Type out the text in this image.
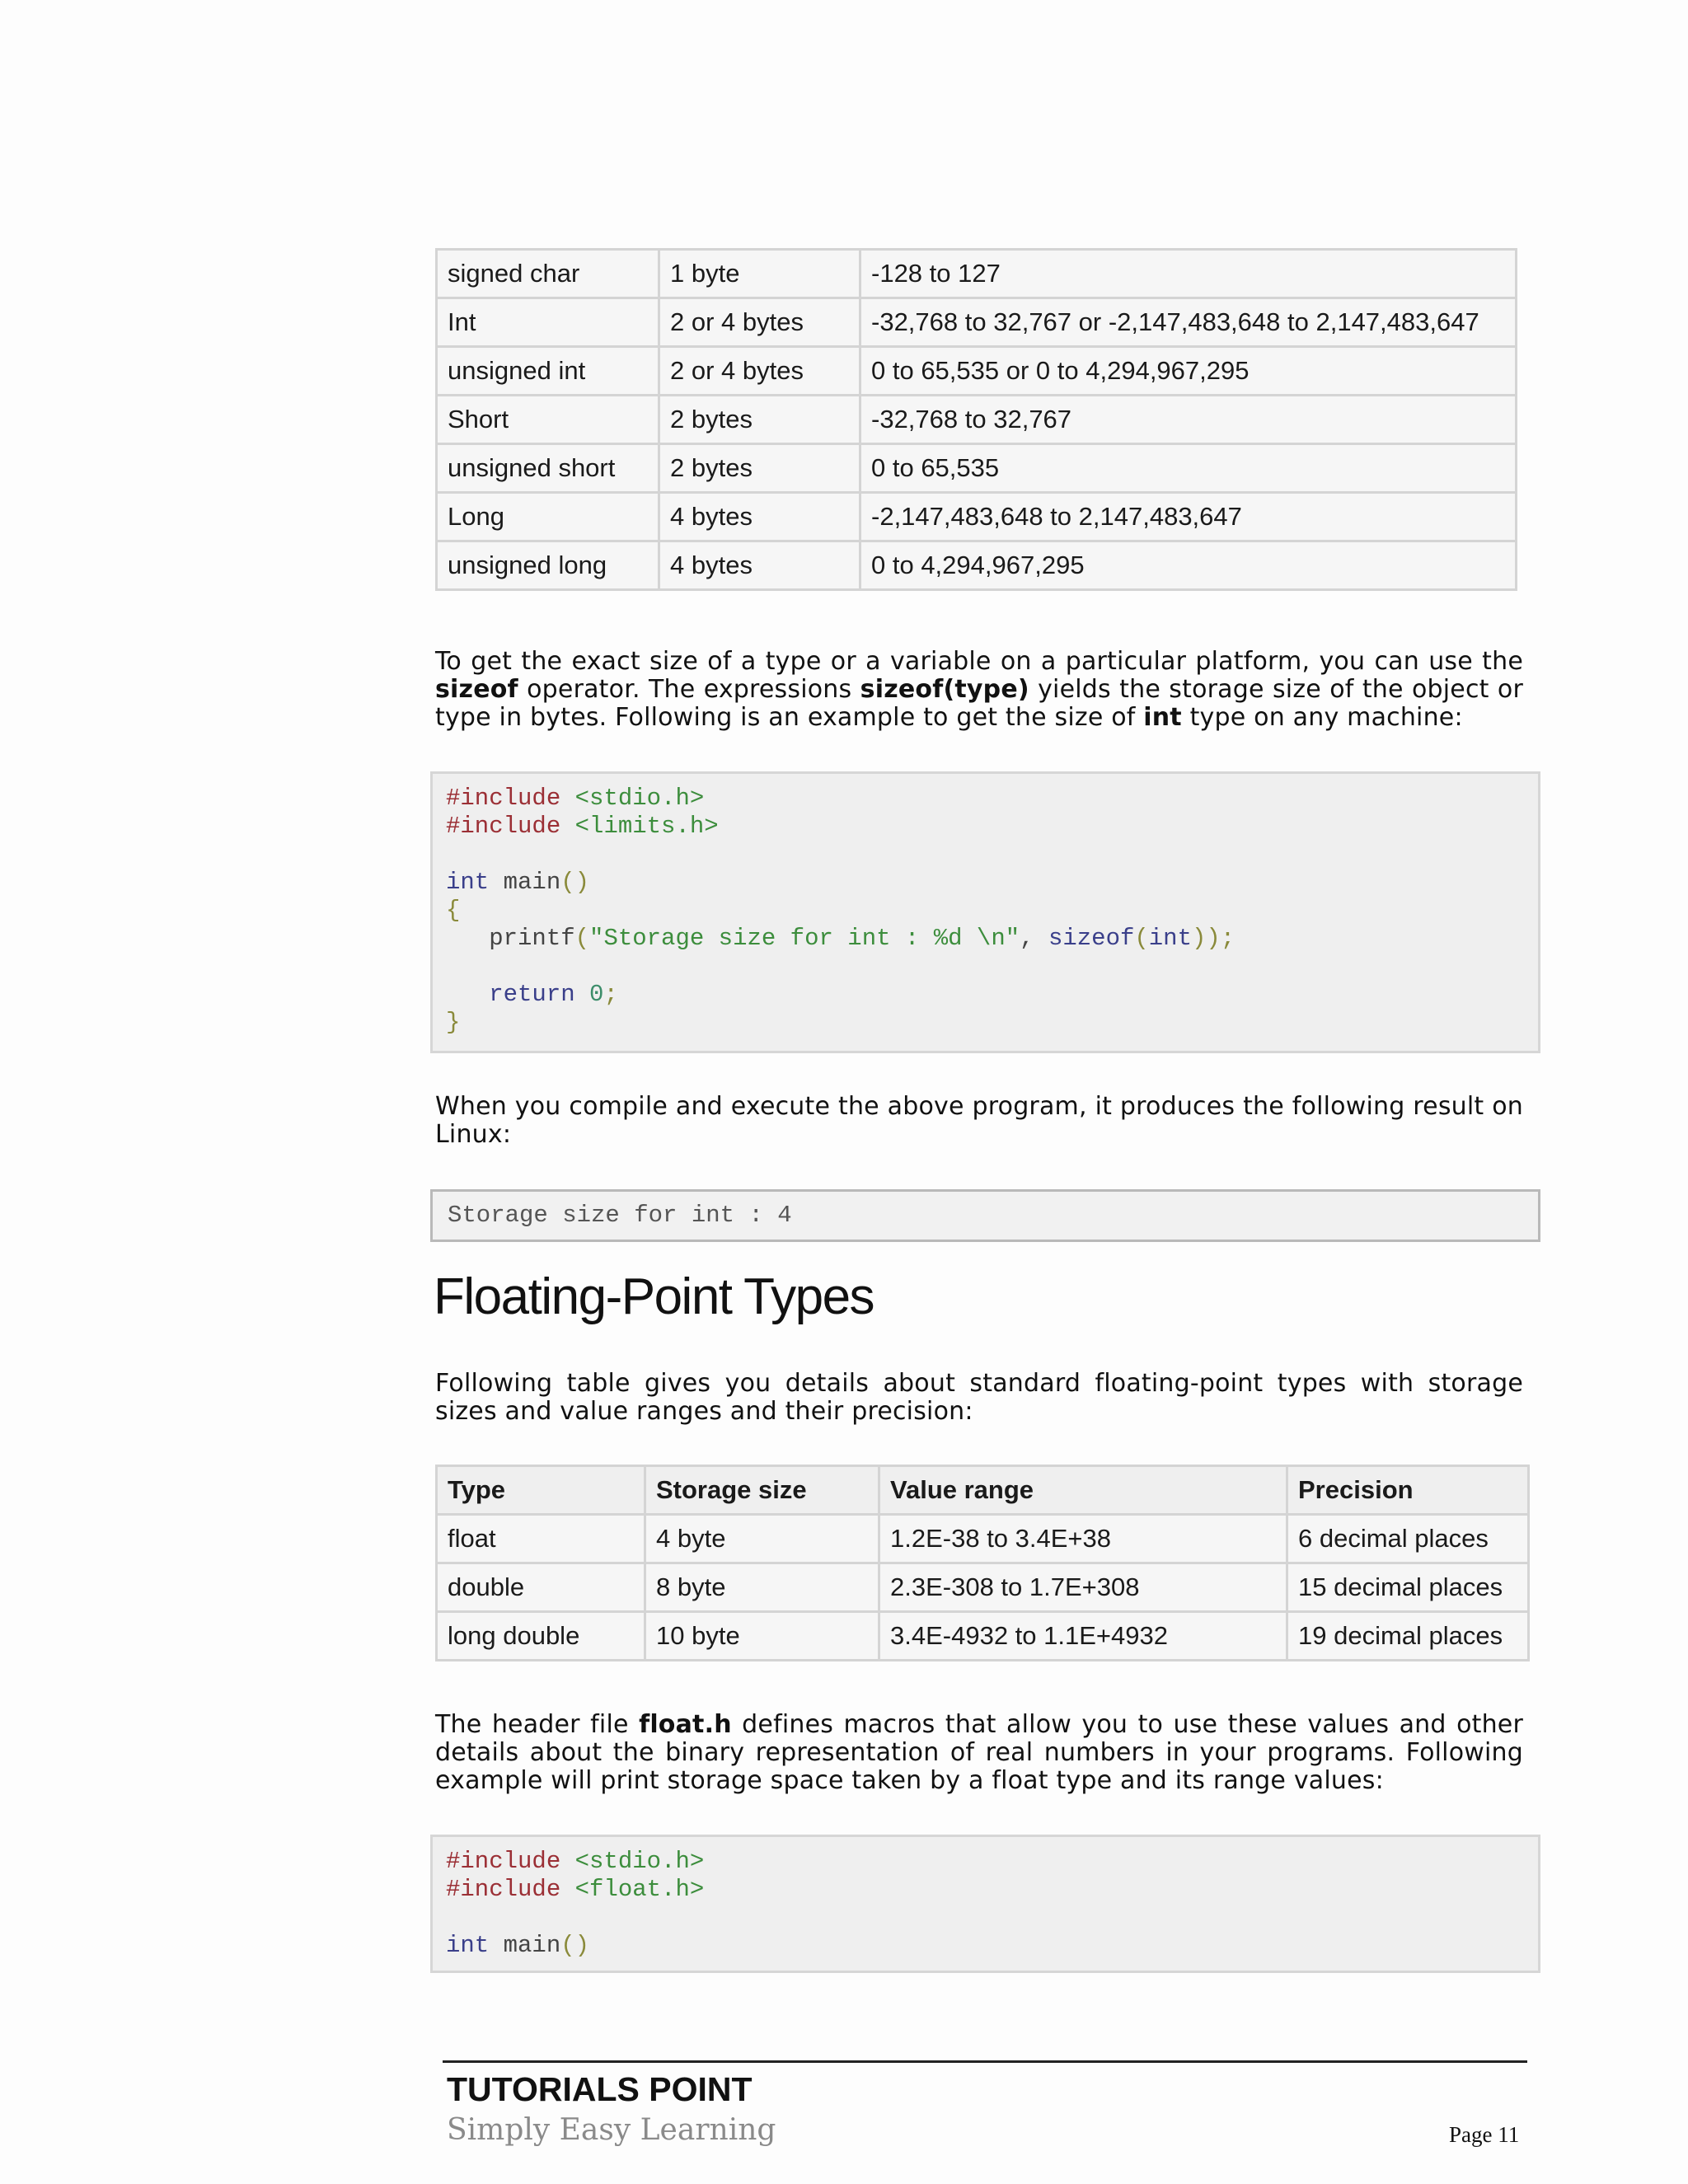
signed char	1 byte	-128 to 127
Int	2 or 4 bytes	-32,768 to 32,767 or -2,147,483,648 to 2,147,483,647
unsigned int	2 or 4 bytes	0 to 65,535 or 0 to 4,294,967,295
Short	2 bytes	-32,768 to 32,767
unsigned short	2 bytes	0 to 65,535
Long	4 bytes	-2,147,483,648 to 2,147,483,647
unsigned long	4 bytes	0 to 4,294,967,295

To get the exact size of a type or a variable on a particular platform, you can use the sizeof operator. The expressions sizeof(type) yields the storage size of the object or type in bytes. Following is an example to get the size of int type on any machine:

#include <stdio.h>
#include <limits.h>

int main()
{
printf("Storage size for int : %d \n", sizeof(int));

return 0;
}

When you compile and execute the above program, it produces the following result on Linux:

Storage size for int : 4
Floating-Point Types

Following table gives you details about standard floating-point types with storage sizes and value ranges and their precision:

Type	Storage size	Value range	Precision
float	4 byte	1.2E-38 to 3.4E+38	6 decimal places
double	8 byte	2.3E-308 to 1.7E+308	15 decimal places
long double	10 byte	3.4E-4932 to 1.1E+4932	19 decimal places

The header file float.h defines macros that allow you to use these values and other details about the binary representation of real numbers in your programs. Following example will print storage space taken by a float type and its range values:

#include <stdio.h>
#include <float.h>

int main()
TUTORIALS POINT
Simply Easy Learning	Page 11
